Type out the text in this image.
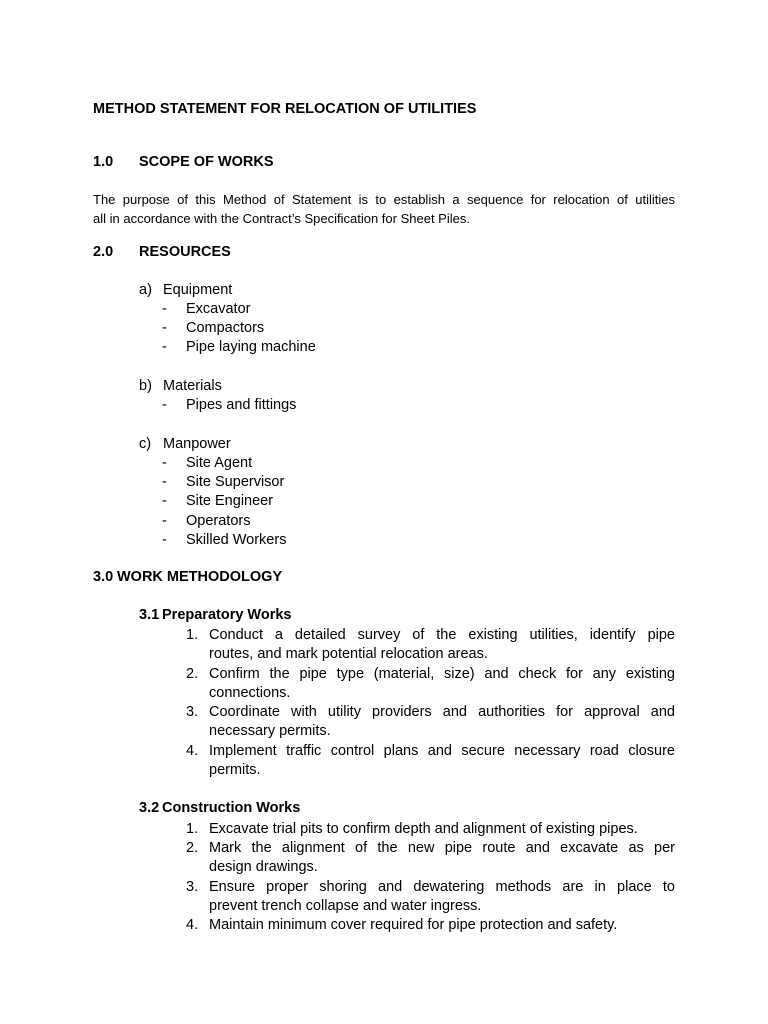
METHOD STATEMENT FOR RELOCATION OF UTILITIES
1.0 SCOPE OF WORKS
The purpose of this Method of Statement is to establish a sequence for relocation of utilities
all in accordance with the Contract’s Specification for Sheet Piles.
2.0 RESOURCES
a) Equipment
- Excavator
- Compactors
- Pipe laying machine
b) Materials
- Pipes and fittings
c) Manpower
- Site Agent
- Site Supervisor
- Site Engineer
- Operators
- Skilled Workers
3.0 WORK METHODOLOGY
3.1 Preparatory Works
1. Conduct a detailed survey of the existing utilities, identify pipe
routes, and mark potential relocation areas.
2. Confirm the pipe type (material, size) and check for any existing
connections.
3. Coordinate with utility providers and authorities for approval and
necessary permits.
4. Implement traffic control plans and secure necessary road closure
permits.
3.2 Construction Works
1. Excavate trial pits to confirm depth and alignment of existing pipes.
2. Mark the alignment of the new pipe route and excavate as per
design drawings.
3. Ensure proper shoring and dewatering methods are in place to
prevent trench collapse and water ingress.
4. Maintain minimum cover required for pipe protection and safety.
